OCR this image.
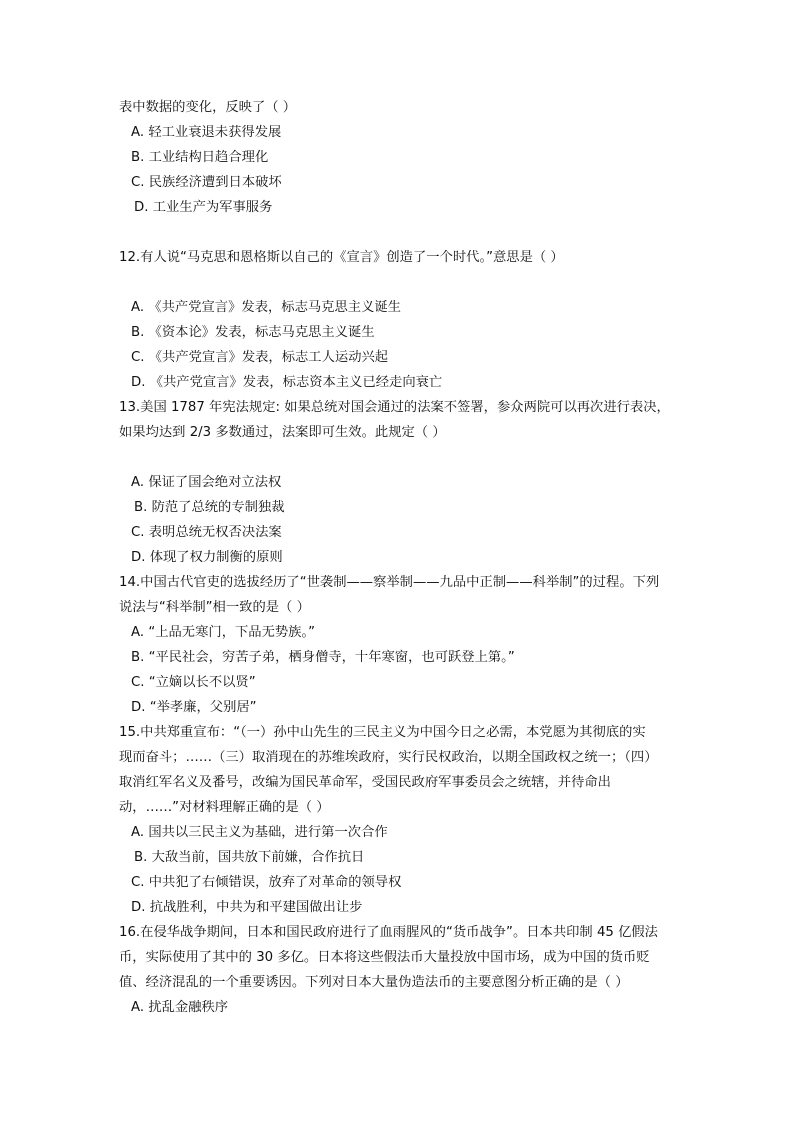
表中数据的变化，反映了（ ）
A. 轻工业衰退未获得发展
B. 工业结构日趋合理化
C. 民族经济遭到日本破坏
D. 工业生产为军事服务
12.有人说“马克思和恩格斯以自己的《宣言》创造了一个时代。”意思是（ ）
A. 《共产党宣言》发表，标志马克思主义诞生
B. 《资本论》发表，标志马克思主义诞生
C. 《共产党宣言》发表，标志工人运动兴起
D. 《共产党宣言》发表，标志资本主义已经走向衰亡
13.美国 1787 年宪法规定: 如果总统对国会通过的法案不签署，参众两院可以再次进行表决，
如果均达到 2/3 多数通过，法案即可生效。此规定（ ）
A. 保证了国会绝对立法权
B. 防范了总统的专制独裁
C. 表明总统无权否决法案
D. 体现了权力制衡的原则
14.中国古代官吏的选拔经历了“世袭制——察举制——九品中正制——科举制”的过程。下列
说法与“科举制”相一致的是（ ）
A. “上品无寒门，下品无势族。”
B. “平民社会，穷苦子弟，栖身僧寺，十年寒窗，也可跃登上第。”
C. “立嫡以长不以贤”
D. “举孝廉，父别居”
15.中共郑重宣布：“（一）孙中山先生的三民主义为中国今日之必需，本党愿为其彻底的实
现而奋斗；……（三）取消现在的苏维埃政府，实行民权政治，以期全国政权之统一；（四）
取消红军名义及番号，改编为国民革命军，受国民政府军事委员会之统辖，并待命出
动，……”对材料理解正确的是（ ）
A. 国共以三民主义为基础，进行第一次合作
B. 大敌当前，国共放下前嫌，合作抗日
C. 中共犯了右倾错误，放弃了对革命的领导权
D. 抗战胜利，中共为和平建国做出让步
16.在侵华战争期间，日本和国民政府进行了血雨腥风的“货币战争”。日本共印制 45 亿假法
币，实际使用了其中的 30 多亿。日本将这些假法币大量投放中国市场，成为中国的货币贬
值、经济混乱的一个重要诱因。下列对日本大量伪造法币的主要意图分析正确的是（ ）
A. 扰乱金融秩序
